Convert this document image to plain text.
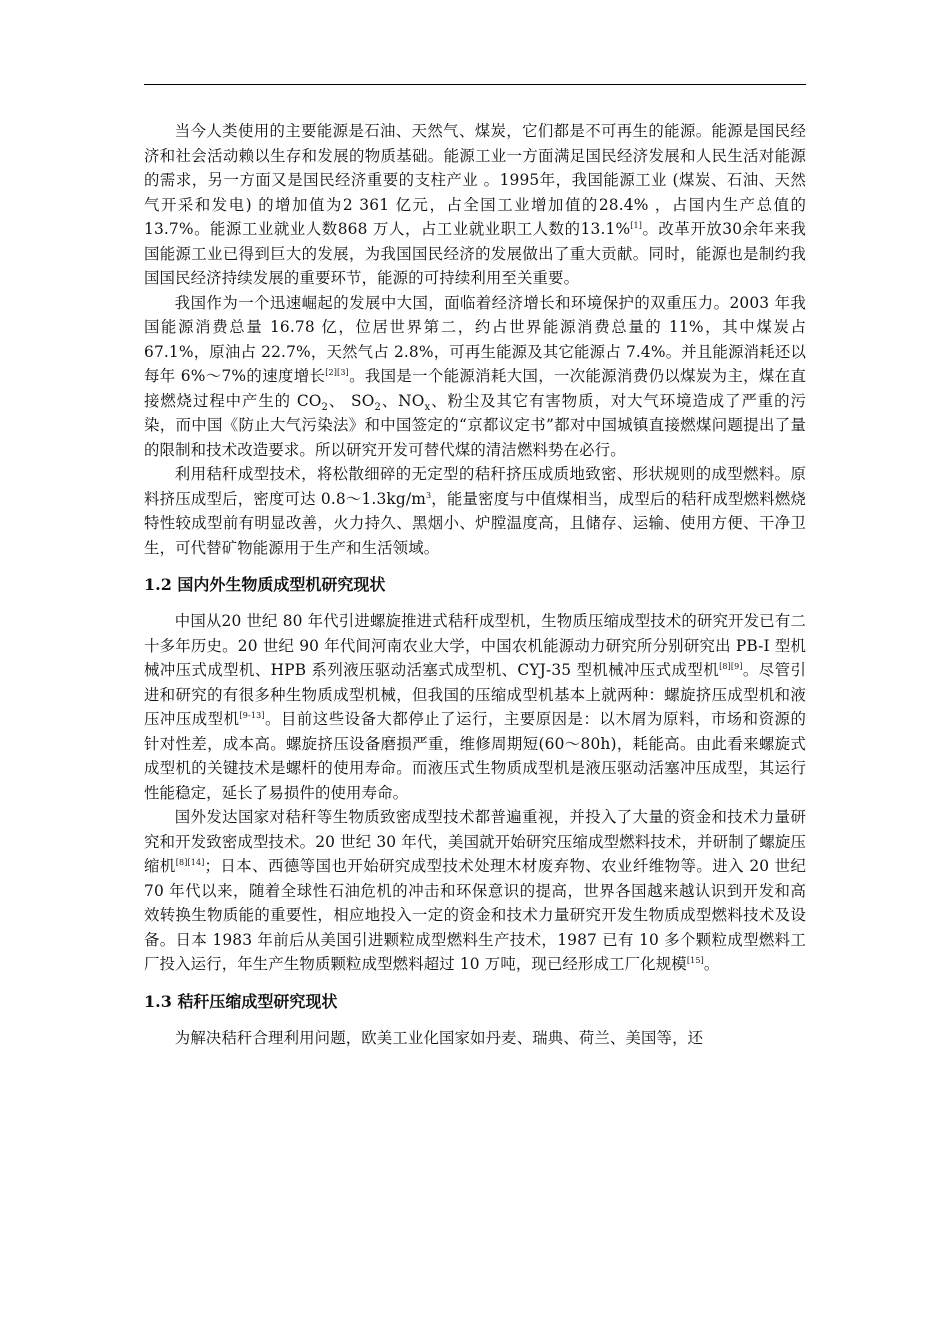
当今人类使用的主要能源是石油、天然气、煤炭，它们都是不可再生的能源。能源是国民经济和社会活动赖以生存和发展的物质基础。能源工业一方面满足国民经济发展和人民生活对能源的需求，另一方面又是国民经济重要的支柱产业 。1995年，我国能源工业 (煤炭、石油、天然气开采和发电) 的增加值为2 361 亿元，占全国工业增加值的28.4% ，占国内生产总值的13.7%。能源工业就业人数868 万人，占工业就业职工人数的13.1%[1]。改革开放30余年来我国能源工业已得到巨大的发展，为我国国民经济的发展做出了重大贡献。同时，能源也是制约我国国民经济持续发展的重要环节，能源的可持续利用至关重要。

我国作为一个迅速崛起的发展中大国，面临着经济增长和环境保护的双重压力。2003 年我国能源消费总量 16.78 亿，位居世界第二，约占世界能源消费总量的 11%，其中煤炭占 67.1%，原油占 22.7%，天然气占 2.8%，可再生能源及其它能源占 7.4%。并且能源消耗还以每年 6%～7%的速度增长[2][3]。我国是一个能源消耗大国，一次能源消费仍以煤炭为主，煤在直接燃烧过程中产生的 $CO_2$、 $SO_2$、$NO_x$、粉尘及其它有害物质，对大气环境造成了严重的污染，而中国《防止大气污染法》和中国签定的“京都议定书”都对中国城镇直接燃煤问题提出了量的限制和技术改造要求。所以研究开发可替代煤的清洁燃料势在必行。

利用秸秆成型技术，将松散细碎的无定型的秸秆挤压成质地致密、形状规则的成型燃料。原料挤压成型后，密度可达 $0.8\sim 1.3kg/m^3$，能量密度与中值煤相当，成型后的秸秆成型燃料燃烧特性较成型前有明显改善，火力持久、黑烟小、炉膛温度高，且储存、运输、使用方便、干净卫生，可代替矿物能源用于生产和生活领域。

1.2 国内外生物质成型机研究现状

中国从20 世纪 80 年代引进螺旋推进式秸秆成型机，生物质压缩成型技术的研究开发已有二十多年历史。20 世纪 90 年代间河南农业大学，中国农机能源动力研究所分别研究出 PB-I 型机械冲压式成型机、HPB 系列液压驱动活塞式成型机、CYJ-35 型机械冲压式成型机[8][9]。尽管引进和研究的有很多种生物质成型机械，但我国的压缩成型机基本上就两种：螺旋挤压成型机和液压冲压成型机[9-13]。目前这些设备大都停止了运行，主要原因是：以木屑为原料，市场和资源的针对性差，成本高。螺旋挤压设备磨损严重，维修周期短(60～80h)，耗能高。由此看来螺旋式成型机的关键技术是螺杆的使用寿命。而液压式生物质成型机是液压驱动活塞冲压成型，其运行性能稳定，延长了易损件的使用寿命。

国外发达国家对秸秆等生物质致密成型技术都普遍重视，并投入了大量的资金和技术力量研究和开发致密成型技术。20 世纪 30 年代，美国就开始研究压缩成型燃料技术，并研制了螺旋压缩机[8][14]；日本、西德等国也开始研究成型技术处理木材废弃物、农业纤维物等。进入 20 世纪 70 年代以来，随着全球性石油危机的冲击和环保意识的提高，世界各国越来越认识到开发和高效转换生物质能的重要性，相应地投入一定的资金和技术力量研究开发生物质成型燃料技术及设备。日本 1983 年前后从美国引进颗粒成型燃料生产技术，1987 已有 10 多个颗粒成型燃料工厂投入运行，年生产生物质颗粒成型燃料超过 10 万吨，现已经形成工厂化规模[15]。

1.3 秸秆压缩成型研究现状

为解决秸秆合理利用问题，欧美工业化国家如丹麦、瑞典、荷兰、美国等，还
